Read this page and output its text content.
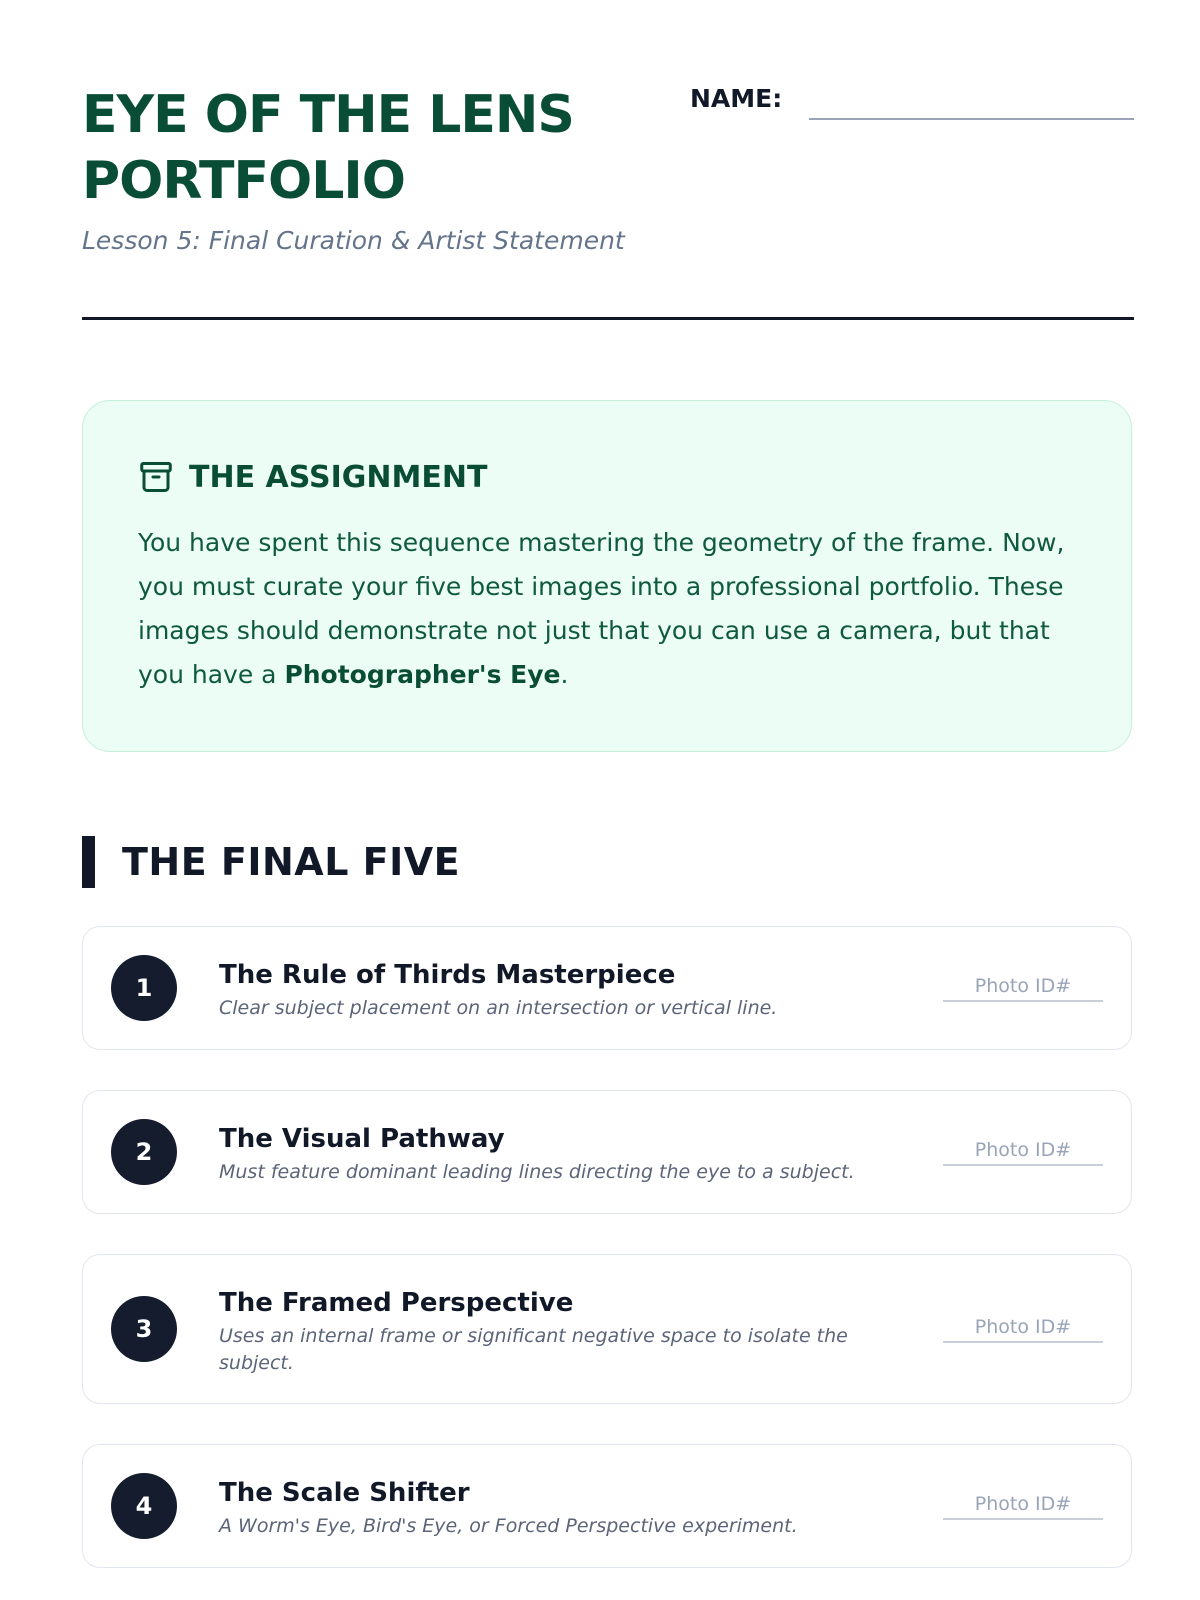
EYE OF THE LENS
PORTFOLIO

Lesson 5: Final Curation & Artist Statement

NAME:
THE ASSIGNMENT

You have spent this sequence mastering the geometry of the frame. Now, you must curate your five best images into a professional portfolio. These images should demonstrate not just that you can use a camera, but that you have a Photographer's Eye.

THE FINAL FIVE
1	The Rule of Thirds Masterpiece

Clear subject placement on an intersection or vertical line.

Photo ID#
2	The Visual Pathway

Must feature dominant leading lines directing the eye to a subject.

Photo ID#
3
The Framed Perspective

Uses an internal frame or significant negative space to isolate the subject.

Photo ID#
4	The Scale Shifter

A Worm's Eye, Bird's Eye, or Forced Perspective experiment.

Photo ID#
